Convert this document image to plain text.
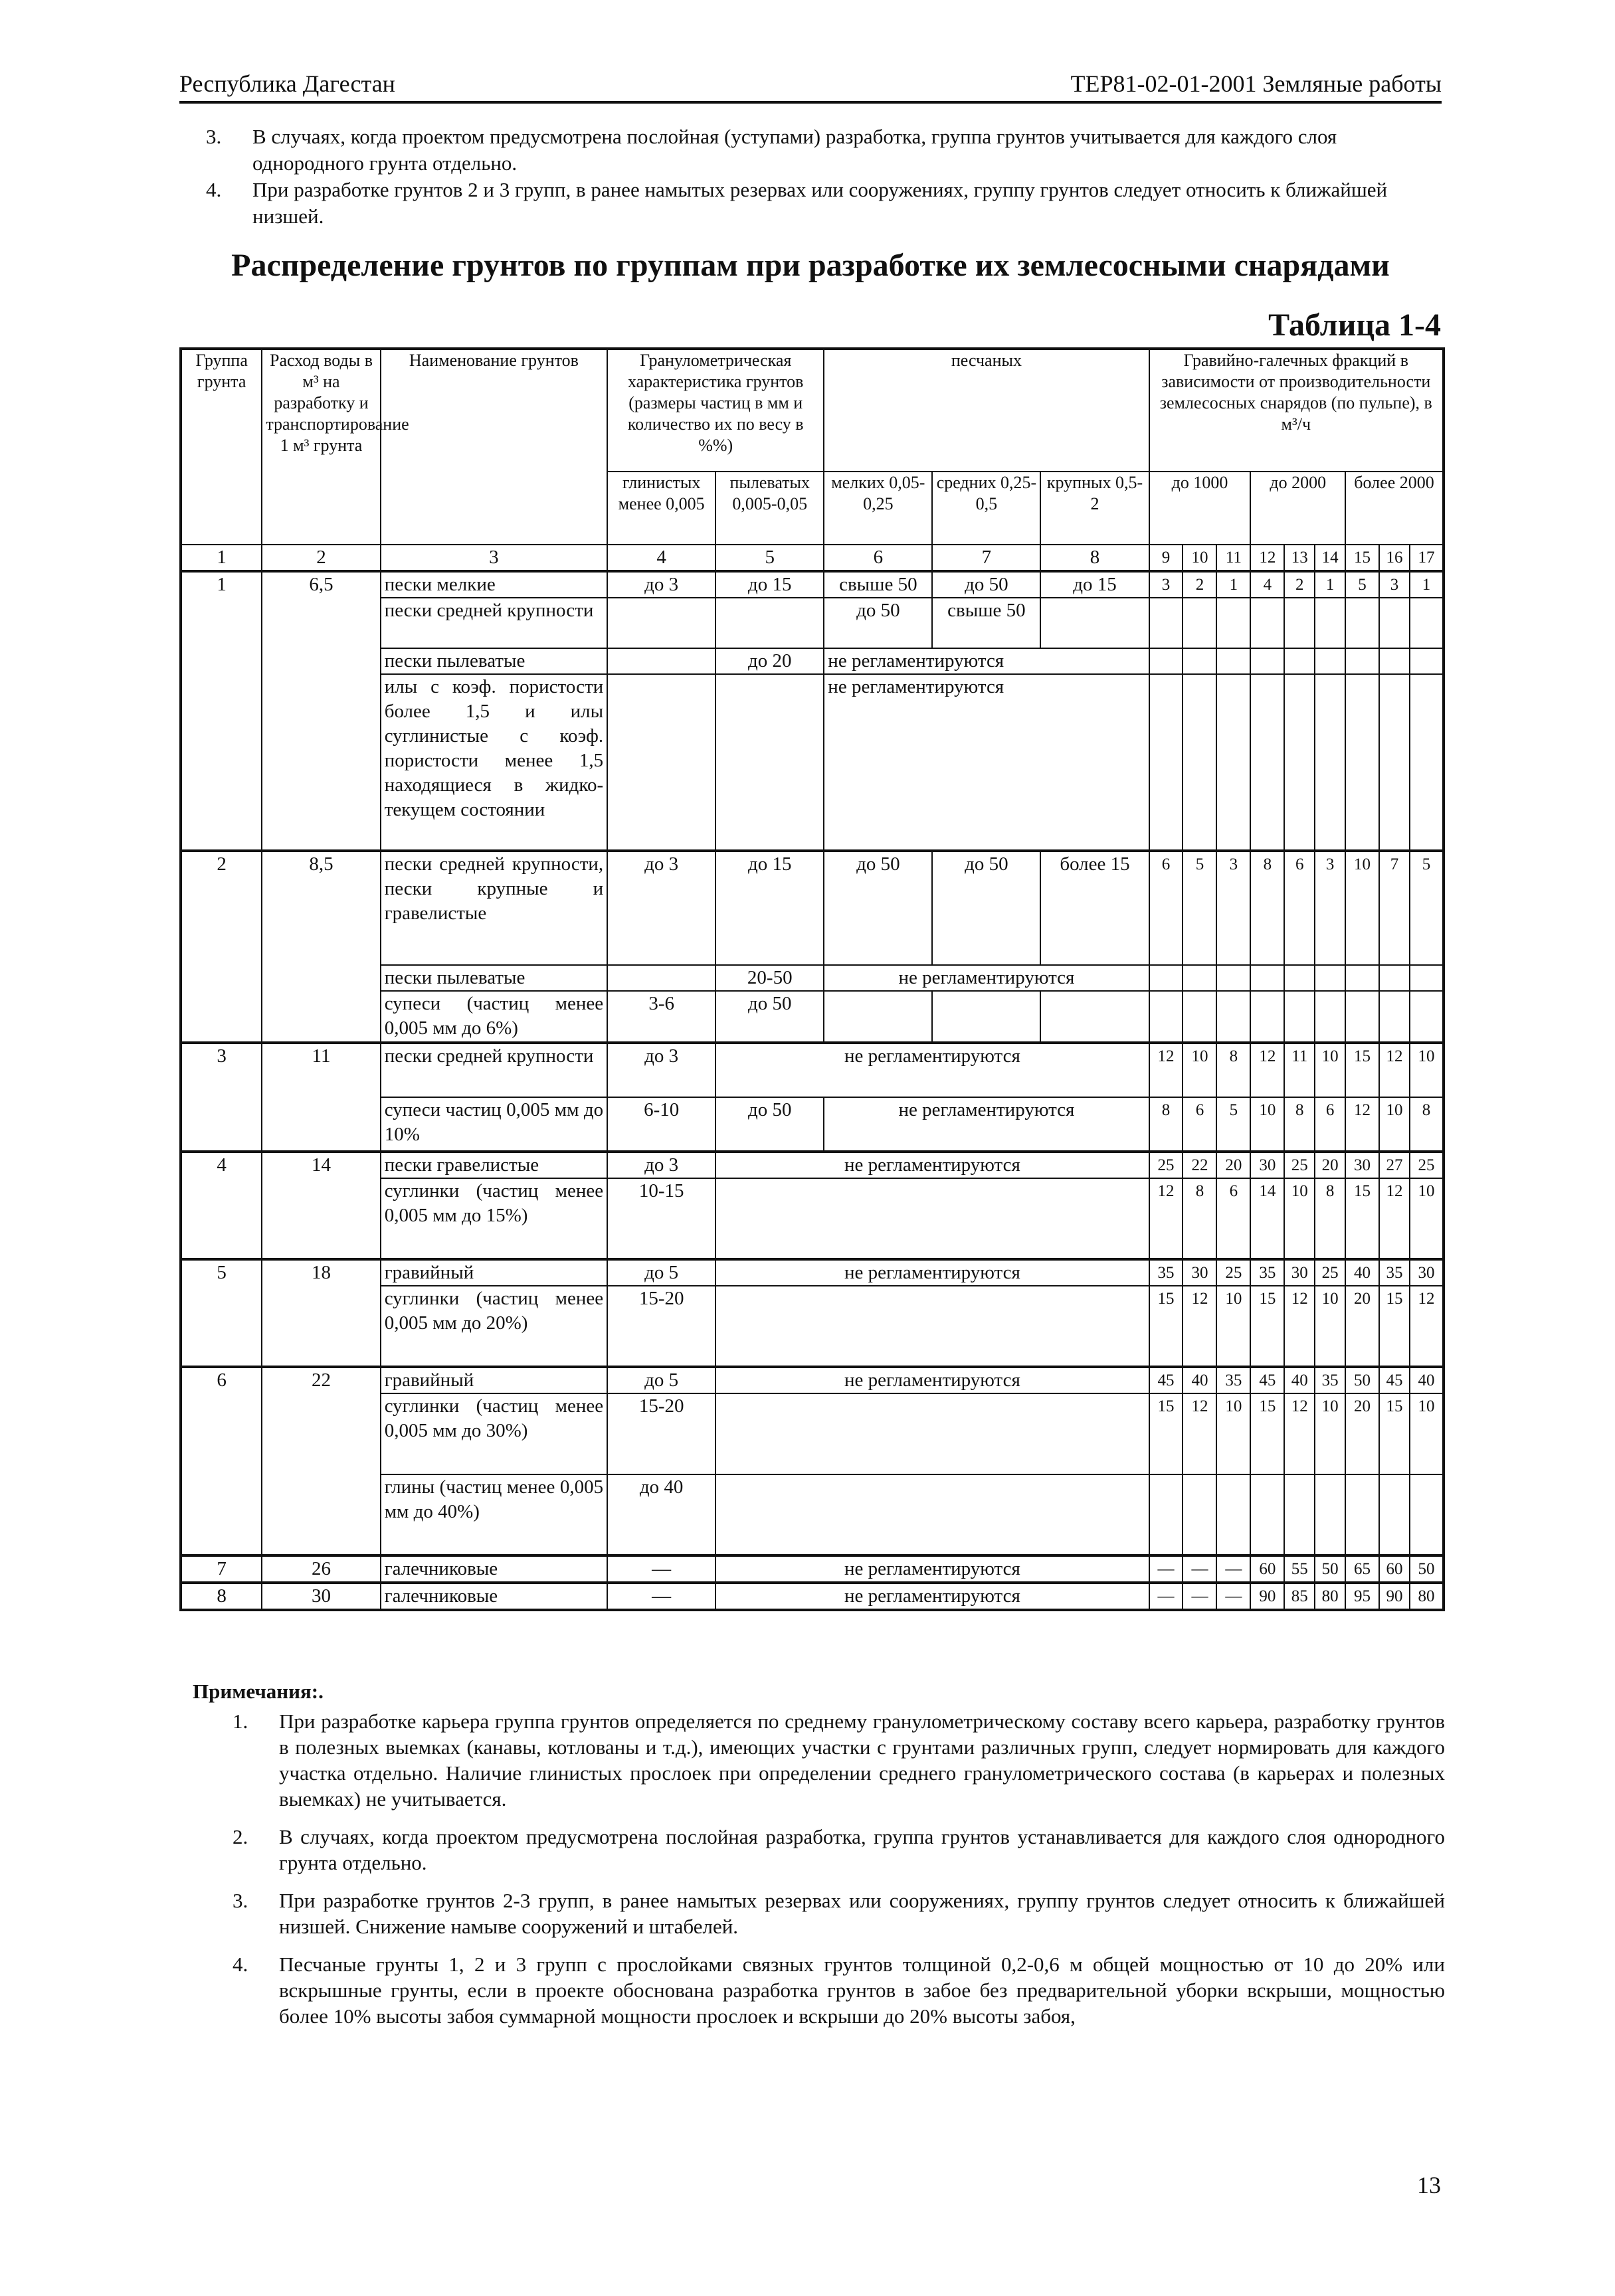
Республика Дагестан	ТЕР81-02-01-2001 Земляные работы
3. В случаях, когда проектом предусмотрена послойная (уступами) разработка, группа грунтов учитывается для каждого слоя однородного грунта отдельно.
4. При разработке грунтов 2 и 3 групп, в ранее намытых резервах или сооружениях, группу грунтов следует относить к ближайшей низшей.
Распределение грунтов по группам при разработке их землесосными снарядами
Таблица 1-4
Группа грунта	Расход воды в м³ на разработку и транспортирование 1 м³ грунта	Наименование грунтов	Гранулометрическая характеристика грунтов (размеры частиц в мм и количество их по весу в %%)		песчаных			Гравийно-галечных фракций в зависимости от производительности землесосных снарядов (по пульпе), в м³/ч								
			глинистых менее 0,005	пылеватых 0,005-0,05	мелких 0,05-0,25	средних 0,25-0,5	крупных 0,5-2	до 1000			до 2000			более 2000		
1	2	3	4	5	6	7	8	9	10	11	12	13	14	15	16	17
1	6,5	пески мелкие	до 3	до 15	свыше 50	до 50	до 15	3	2	1	4	2	1	5	3	1
		пески средней крупности			до 50	свыше 50										
		пески пылеватые		до 20	не регламентируются											
		илы с коэф. пористости более 1,5 и илы суглинистые с коэф. пористости менее 1,5 находящиеся в жидко-текущем состоянии			не регламентируются											
2	8,5	пески средней крупности, пески крупные и гравелистые	до 3	до 15	до 50	до 50	более 15	6	5	3	8	6	3	10	7	5
		пески пылеватые		20-50	не регламентируются											
		супеси (частиц менее 0,005 мм до 6%)	3-6	до 50												
3	11	пески средней крупности	до 3	не регламентируются				12	10	8	12	11	10	15	12	10
		супеси частиц 0,005 мм до 10%	6-10	до 50	не регламентируются			8	6	5	10	8	6	12	10	8
4	14	пески гравелистые	до 3	не регламентируются				25	22	20	30	25	20	30	27	25
		суглинки (частиц менее 0,005 мм до 15%)	10-15					12	8	6	14	10	8	15	12	10
5	18	гравийный	до 5	не регламентируются				35	30	25	35	30	25	40	35	30
		суглинки (частиц менее 0,005 мм до 20%)	15-20					15	12	10	15	12	10	20	15	12
6	22	гравийный	до 5	не регламентируются				45	40	35	45	40	35	50	45	40
		суглинки (частиц менее 0,005 мм до 30%)	15-20					15	12	10	15	12	10	20	15	10
		глины (частиц менее 0,005 мм до 40%)	до 40													
7	26	галечниковые	—	не регламентируются				—	—	—	60	55	50	65	60	50
8	30	галечниковые	—	не регламентируются				—	—	—	90	85	80	95	90	80
Примечания:.
1. При разработке карьера группа грунтов определяется по среднему гранулометрическому составу всего карьера, разработку грунтов в полезных выемках (канавы, котлованы и т.д.), имеющих участки с грунтами различных групп, следует нормировать для каждого участка отдельно. Наличие глинистых прослоек при определении среднего гранулометрического состава (в карьерах и полезных выемках) не учитывается.
2. В случаях, когда проектом предусмотрена послойная разработка, группа грунтов устанавливается для каждого слоя однородного грунта отдельно.
3. При разработке грунтов 2-3 групп, в ранее намытых резервах или сооружениях, группу грунтов следует относить к ближайшей низшей. Снижение намыве сооружений и штабелей.
4. Песчаные грунты 1, 2 и 3 групп с прослойками связных грунтов толщиной 0,2-0,6 м общей мощностью от 10 до 20% или вскрышные грунты, если в проекте обоснована разработка грунтов в забое без предварительной уборки вскрыши, мощностью более 10% высоты забоя суммарной мощности прослоек и вскрыши до 20% высоты забоя,
13
